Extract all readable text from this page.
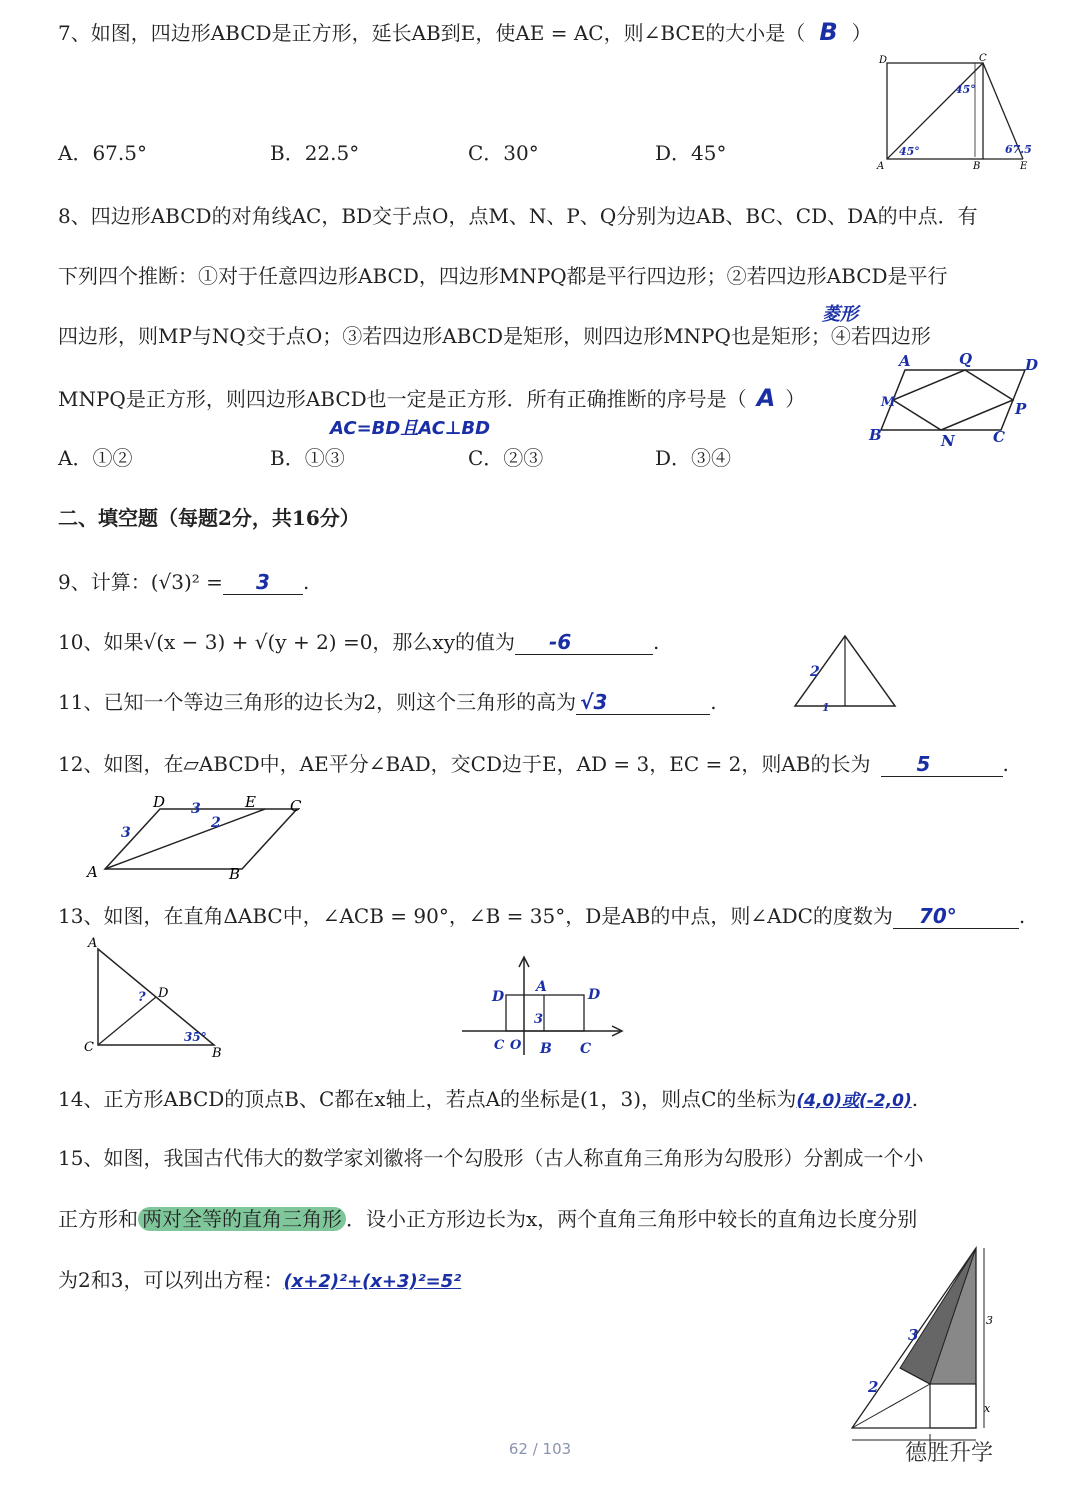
7、如图，四边形ABCD是正方形，延长AB到E，使AE = AC，则∠BCE的大小是（ B ）
D	C
A	B	E
45°
45°	67.5
A．67.5°	B．22.5°	C．30°	D．45°
8、四边形ABCD的对角线AC，BD交于点O，点M、N、P、Q分别为边AB、BC、CD、DA的中点．有
下列四个推断：①对于任意四边形ABCD，四边形MNPQ都是平行四边形；②若四边形ABCD是平行
四边形，则MP与NQ交于点O；③若四边形ABCD是矩形，则四边形MNPQ也是矩形；④若四边形
菱形
MNPQ是正方形，则四边形ABCD也一定是正方形．所有正确推断的序号是（ A ）
AC=BD且AC⊥BD
A	Q	D
M	P
B	N	C
A．①②	B．①③	C．②③	D．③④
二、填空题（每题2分，共16分）
9、计算：(√3)² = 3 .
10、如果√(x − 3) + √(y + 2) =0，那么xy的值为 -6	.
11、已知一个等边三角形的边长为2，则这个三角形的高为 √3	.
2
1
12、如图，在▱ABCD中，AE平分∠BAD，交CD边于E，AD = 3，EC = 2，则AB的长为 5	.
D	E C
A	B
3
3
2
13、如图，在直角ΔABC中，∠ACB = 90°，∠B = 35°，D是AB的中点，则∠ADC的度数为 70°	.
A
C	B
D
?
35°
D
A	D
C O B C
3
14、正方形ABCD的顶点B、C都在x轴上，若点A的坐标是(1，3)，则点C的坐标为(4,0)或(-2,0).
15、如图，我国古代伟大的数学家刘徽将一个勾股形（古人称直角三角形为勾股形）分割成一个小
正方形和 两对全等的直角三角形 ．设小正方形边长为x，两个直角三角形中较长的直角边长度分别
为2和3，可以列出方程：(x+2)²+(x+3)²=5²
3
x
3
2
62 / 103	德胜升学
